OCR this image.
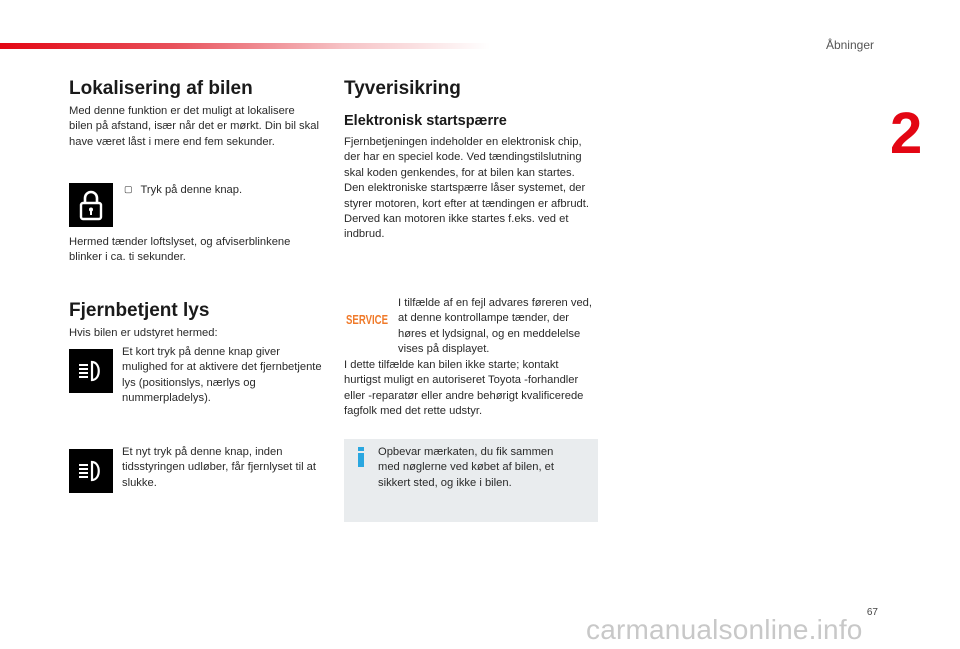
Åbninger
2
Lokalisering af bilen

Med denne funktion er det muligt at lokalisere bilen på afstand, især når det er mørkt. Din bil skal have været låst i mere end fem sekunder.

▢ Tryk på denne knap.

Hermed tænder loftslyset, og afviserblinkene blinker i ca. ti sekunder.

Fjernbetjent lys

Hvis bilen er udstyret hermed:

Et kort tryk på denne knap giver mulighed for at aktivere det fjernbetjente lys (positionslys, nærlys og nummerpladelys).

Et nyt tryk på denne knap, inden tidsstyringen udløber, får fjernlyset til at slukke.

Tyverisikring
Elektronisk startspærre

Fjernbetjeningen indeholder en elektronisk chip, der har en speciel kode. Ved tændingstilslutning skal koden genkendes, for at bilen kan startes.
Den elektroniske startspærre låser systemet, der styrer motoren, kort efter at tændingen er afbrudt. Derved kan motoren ikke startes f.eks. ved et indbrud.

SERVICE

I tilfælde af en fejl advares føreren ved, at denne kontrollampe tænder, der høres et lydsignal, og en meddelelse vises på displayet.

I dette tilfælde kan bilen ikke starte; kontakt hurtigst muligt en autoriseret Toyota -forhandler eller -reparatør eller andre behørigt kvalificerede fagfolk med det rette udstyr.

Opbevar mærkaten, du fik sammen med nøglerne ved købet af bilen, et sikkert sted, og ikke i bilen.

67
carmanualsonline.info
